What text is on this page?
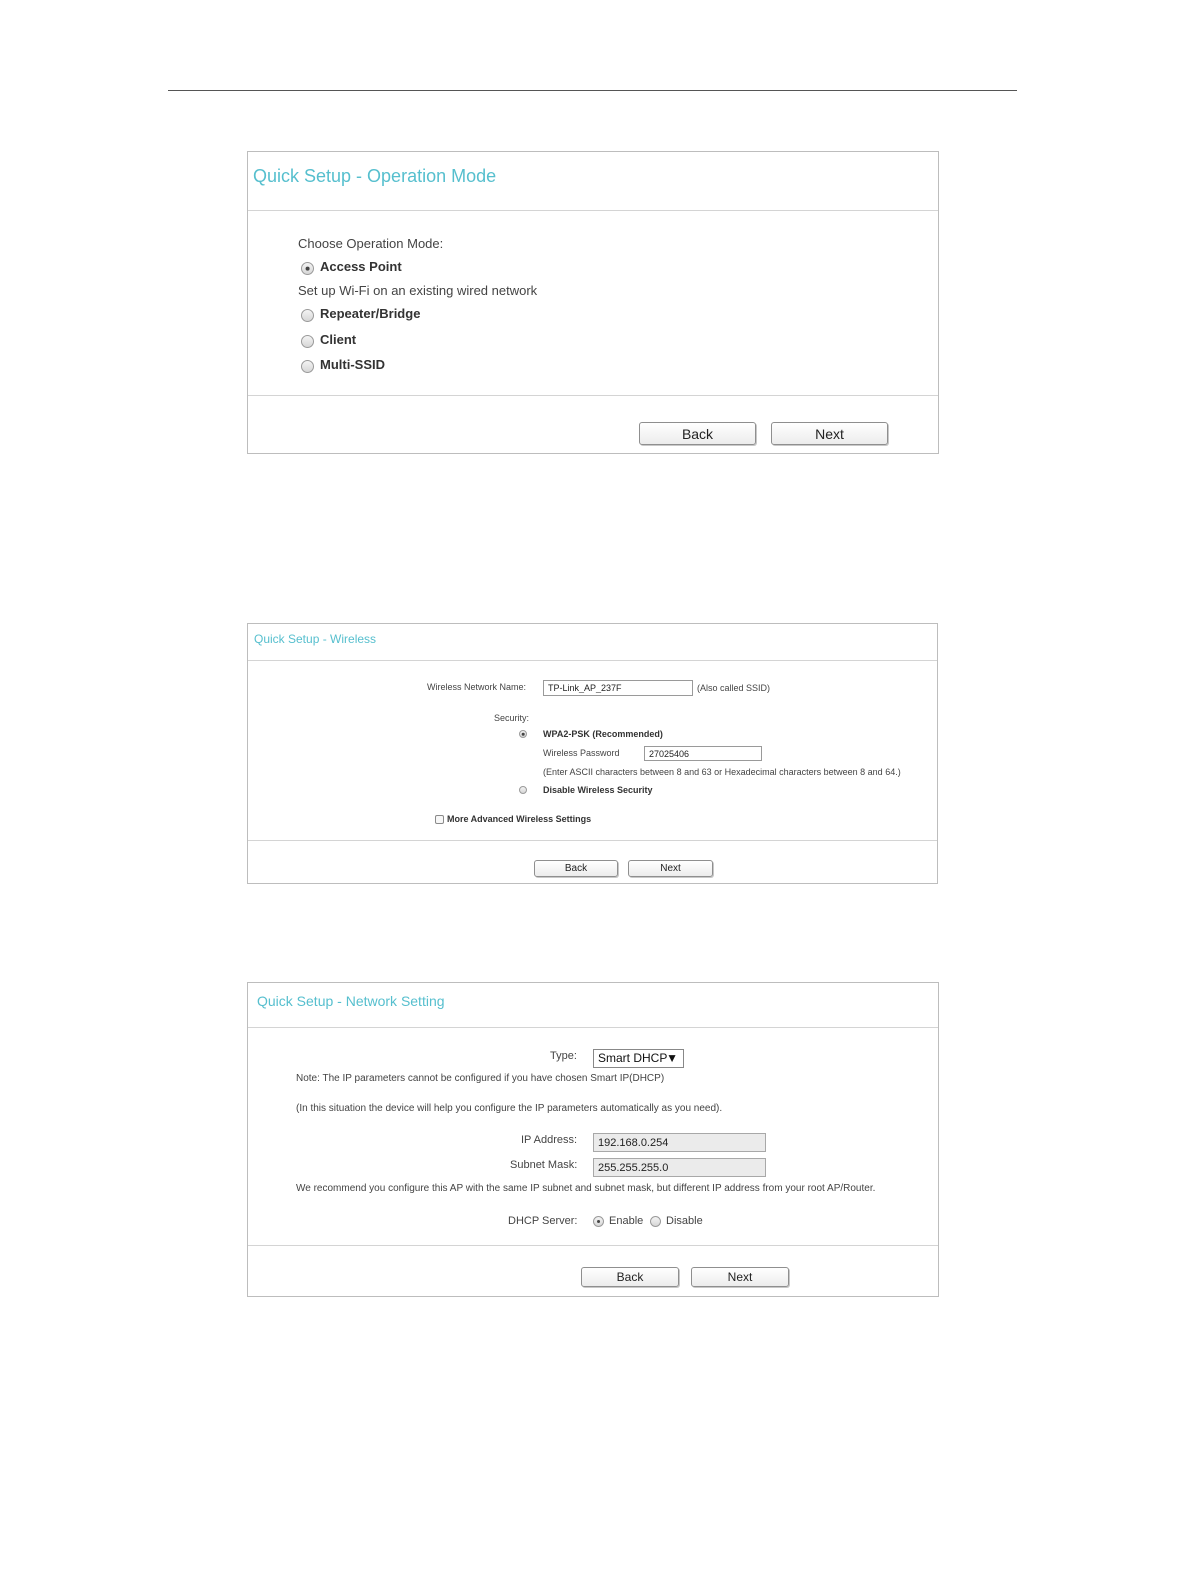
Quick Setup - Operation Mode
Choose Operation Mode:
Access Point
Set up Wi-Fi on an existing wired network
Repeater/Bridge
Client
Multi-SSID
Back	Next
Quick Setup - Wireless
Wireless Network Name:
TP-Link_AP_237F	(Also called SSID)
Security:
WPA2-PSK (Recommended)
Wireless Password
27025406
(Enter ASCII characters between 8 and 63 or Hexadecimal characters between 8 and 64.)
Disable Wireless Security
More Advanced Wireless Settings
Back	Next
Quick Setup - Network Setting
Type:	Smart DHCP
▼
Note: The IP parameters cannot be configured if you have chosen Smart IP(DHCP)
(In this situation the device will help you configure the IP parameters automatically as you need).
IP Address:
192.168.0.254
Subnet Mask:
255.255.255.0
We recommend you configure this AP with the same IP subnet and subnet mask, but different IP address from your root AP/Router.
DHCP Server:	Enable Disable
Back	Next
